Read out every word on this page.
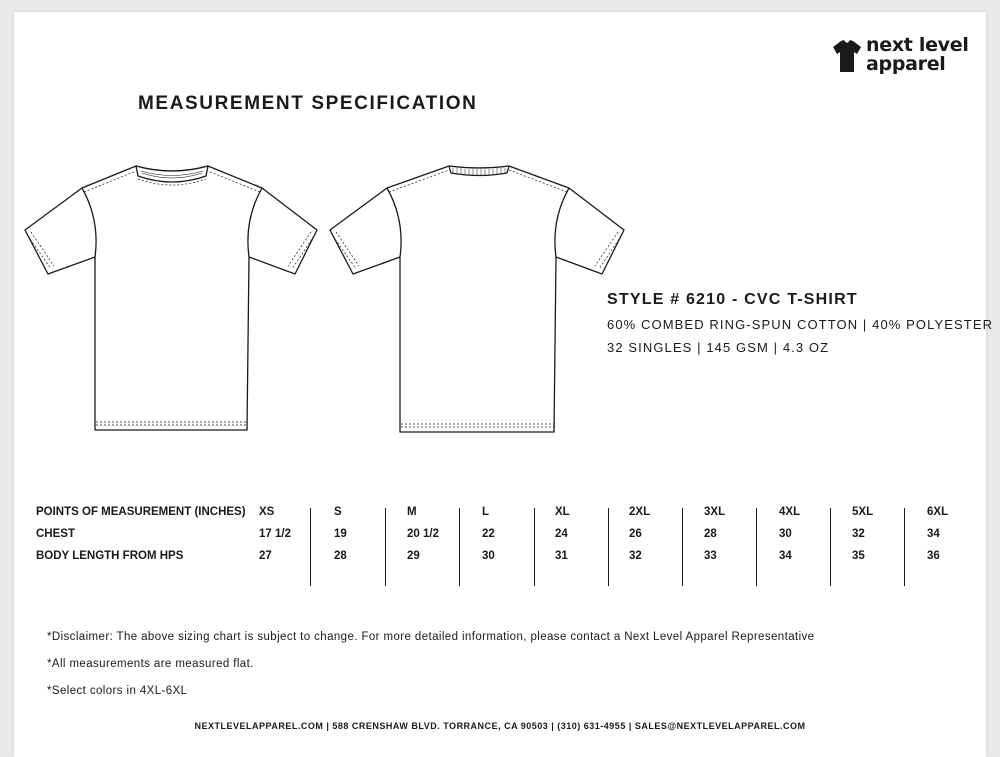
next level
apparel
MEASUREMENT SPECIFICATION
STYLE # 6210 - CVC T-SHIRT
60% COMBED RING-SPUN COTTON | 40% POLYESTER
32 SINGLES | 145 GSM | 4.3 OZ
POINTS OF MEASUREMENT (INCHES)
CHEST
BODY LENGTH FROM HPS
XS
17 1/2
27
S
19
28
M
20 1/2
29
L
22
30
XL
24
31
2XL
26
32
3XL
28
33
4XL
30
34
5XL
32
35
6XL
34
36
*Disclaimer: The above sizing chart is subject to change. For more detailed information, please contact a Next Level Apparel Representative
*All measurements are measured flat.
*Select colors in 4XL-6XL
NEXTLEVELAPPAREL.COM | 588 CRENSHAW BLVD. TORRANCE, CA 90503 | (310) 631-4955 | SALES@NEXTLEVELAPPAREL.COM
